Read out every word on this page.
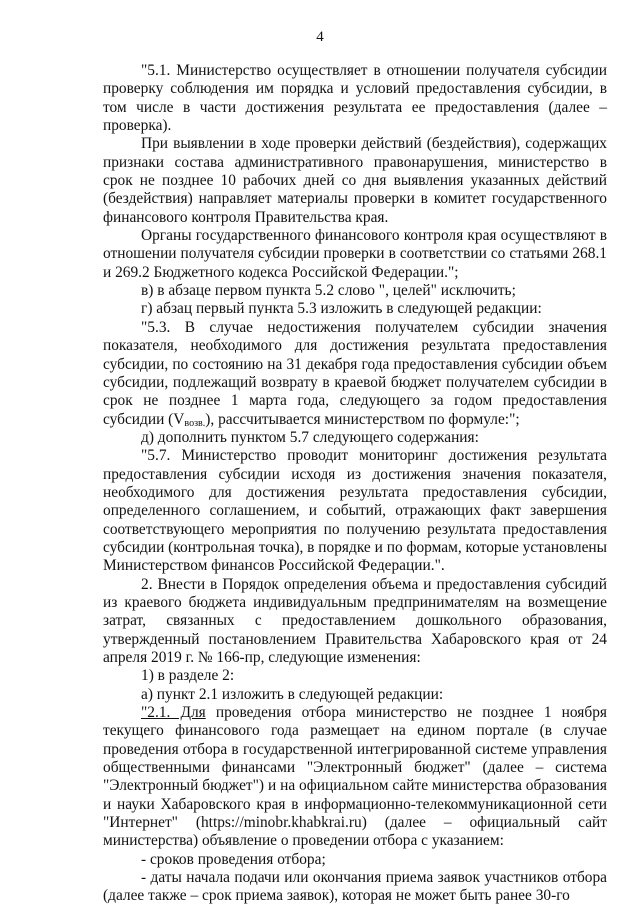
4

"5.1. Министерство осуществляет в отношении получателя субсидии проверку соблюдения им порядка и условий предоставления субсидии, в том числе в части достижения результата ее предоставления (далее – проверка).

При выявлении в ходе проверки действий (бездействия), содержащих признаки состава административного правонарушения, министерство в срок не позднее 10 рабочих дней со дня выявления указанных действий (бездействия) направляет материалы проверки в комитет государственного финансового контроля Правительства края.

Органы государственного финансового контроля края осуществляют в отношении получателя субсидии проверки в соответствии со статьями 268.1 и 269.2 Бюджетного кодекса Российской Федерации.";

в) в абзаце первом пункта 5.2 слово ", целей" исключить;

г) абзац первый пункта 5.3 изложить в следующей редакции:

"5.3. В случае недостижения получателем субсидии значения показателя, необходимого для достижения результата предоставления субсидии, по состоянию на 31 декабря года предоставления субсидии объем субсидии, подлежащий возврату в краевой бюджет получателем субсидии в срок не позднее 1 марта года, следующего за годом предоставления субсидии $(V_{возв.})$, рассчитывается министерством по формуле:";

д) дополнить пунктом 5.7 следующего содержания:

"5.7. Министерство проводит мониторинг достижения результата предоставления субсидии исходя из достижения значения показателя, необходимого для достижения результата предоставления субсидии, определенного соглашением, и событий, отражающих факт завершения соответствующего мероприятия по получению результата предоставления субсидии (контрольная точка), в порядке и по формам, которые установлены Министерством финансов Российской Федерации.".

2. Внести в Порядок определения объема и предоставления субсидий из краевого бюджета индивидуальным предпринимателям на возмещение затрат, связанных с предоставлением дошкольного образования, утвержденный постановлением Правительства Хабаровского края от 24 апреля 2019 г. № 166-пр, следующие изменения:

1) в разделе 2:

а) пункт 2.1 изложить в следующей редакции:

"2.1. Для проведения отбора министерство не позднее 1 ноября текущего финансового года размещает на едином портале (в случае проведения отбора в государственной интегрированной системе управления общественными финансами "Электронный бюджет" (далее – система "Электронный бюджет") и на официальном сайте министерства образования и науки Хабаровского края в информационно-телекоммуникационной сети "Интернет" (https://minobr.khabkrai.ru) (далее – официальный сайт министерства) объявление о проведении отбора с указанием:

- сроков проведения отбора;

- даты начала подачи или окончания приема заявок участников отбора (далее также – срок приема заявок), которая не может быть ранее 30-го
